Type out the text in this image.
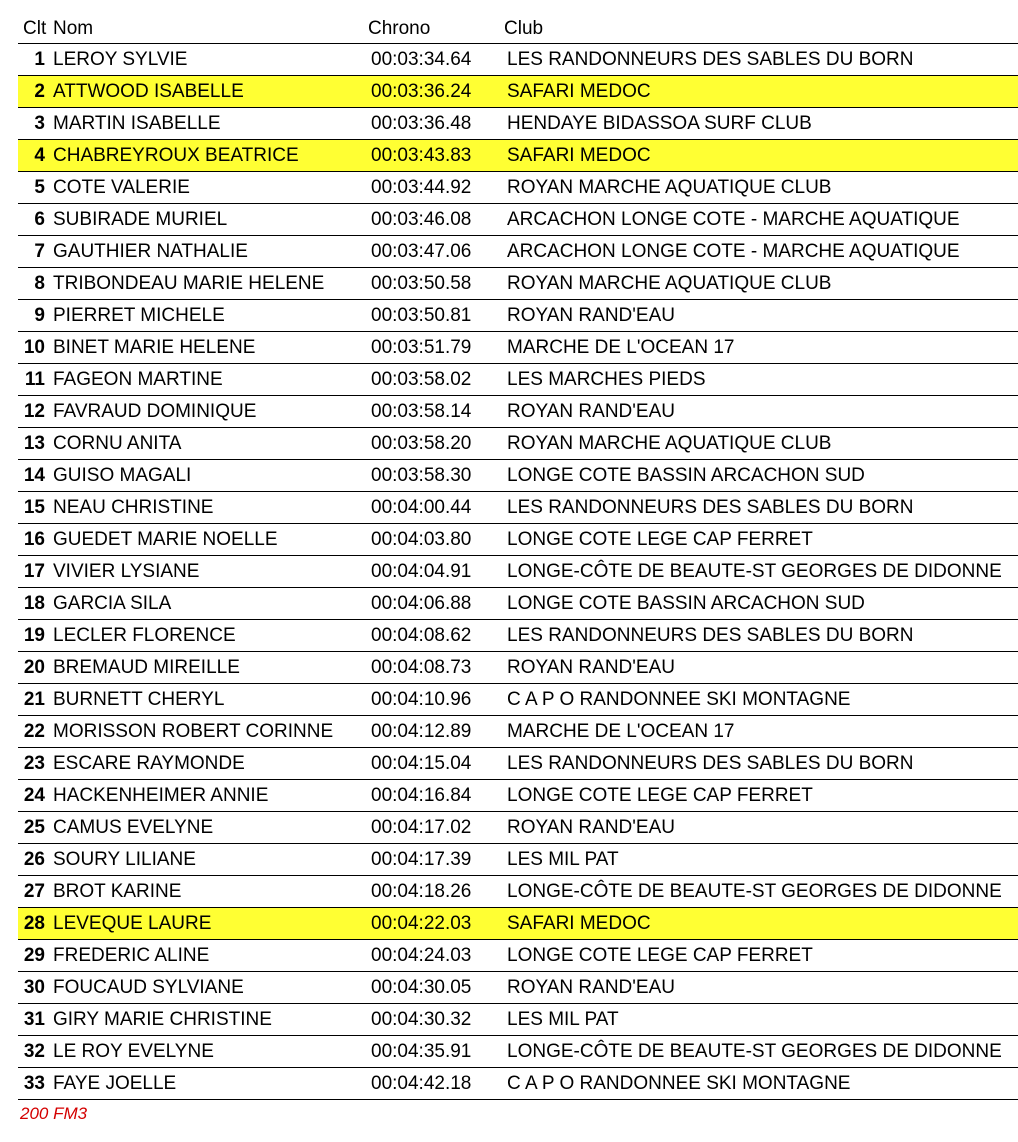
Clt Nom	Chrono	Club
1 LEROY SYLVIE	00:03:34.64	LES RANDONNEURS DES SABLES DU BORN
2 ATTWOOD ISABELLE	00:03:36.24	SAFARI MEDOC
3 MARTIN ISABELLE	00:03:36.48	HENDAYE BIDASSOA SURF CLUB
4 CHABREYROUX BEATRICE	00:03:43.83	SAFARI MEDOC
5 COTE VALERIE	00:03:44.92	ROYAN MARCHE AQUATIQUE CLUB
6 SUBIRADE MURIEL	00:03:46.08	ARCACHON LONGE COTE - MARCHE AQUATIQUE
7 GAUTHIER NATHALIE	00:03:47.06	ARCACHON LONGE COTE - MARCHE AQUATIQUE
8 TRIBONDEAU MARIE HELENE	00:03:50.58	ROYAN MARCHE AQUATIQUE CLUB
9 PIERRET MICHELE	00:03:50.81	ROYAN RAND'EAU
10 BINET MARIE HELENE	00:03:51.79	MARCHE DE L'OCEAN 17
11 FAGEON MARTINE	00:03:58.02	LES MARCHES PIEDS
12 FAVRAUD DOMINIQUE	00:03:58.14	ROYAN RAND'EAU
13 CORNU ANITA	00:03:58.20	ROYAN MARCHE AQUATIQUE CLUB
14 GUISO MAGALI	00:03:58.30	LONGE COTE BASSIN ARCACHON SUD
15 NEAU CHRISTINE	00:04:00.44	LES RANDONNEURS DES SABLES DU BORN
16 GUEDET MARIE NOELLE	00:04:03.80	LONGE COTE LEGE CAP FERRET
17 VIVIER LYSIANE	00:04:04.91	LONGE-CÔTE DE BEAUTE-ST GEORGES DE DIDONNE
18 GARCIA SILA	00:04:06.88	LONGE COTE BASSIN ARCACHON SUD
19 LECLER FLORENCE	00:04:08.62	LES RANDONNEURS DES SABLES DU BORN
20 BREMAUD MIREILLE	00:04:08.73	ROYAN RAND'EAU
21 BURNETT CHERYL	00:04:10.96	C A P O RANDONNEE SKI MONTAGNE
22 MORISSON ROBERT CORINNE	00:04:12.89	MARCHE DE L'OCEAN 17
23 ESCARE RAYMONDE	00:04:15.04	LES RANDONNEURS DES SABLES DU BORN
24 HACKENHEIMER ANNIE	00:04:16.84	LONGE COTE LEGE CAP FERRET
25 CAMUS EVELYNE	00:04:17.02	ROYAN RAND'EAU
26 SOURY LILIANE	00:04:17.39	LES MIL PAT
27 BROT KARINE	00:04:18.26	LONGE-CÔTE DE BEAUTE-ST GEORGES DE DIDONNE
28 LEVEQUE LAURE	00:04:22.03	SAFARI MEDOC
29 FREDERIC ALINE	00:04:24.03	LONGE COTE LEGE CAP FERRET
30 FOUCAUD SYLVIANE	00:04:30.05	ROYAN RAND'EAU
31 GIRY MARIE CHRISTINE	00:04:30.32	LES MIL PAT
32 LE ROY EVELYNE	00:04:35.91	LONGE-CÔTE DE BEAUTE-ST GEORGES DE DIDONNE
33 FAYE JOELLE	00:04:42.18	C A P O RANDONNEE SKI MONTAGNE
200 FM3
